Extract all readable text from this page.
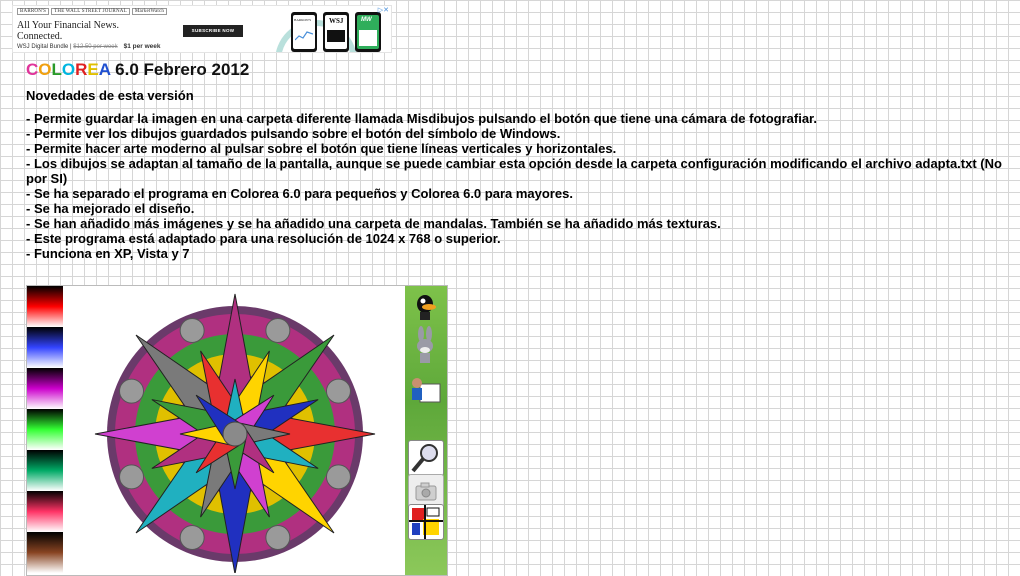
BARRON'S THE WALL STREET JOURNAL MarketWatch
All Your Financial News. Connected.
WSJ Digital Bundle | $12.50 per week $1 per week
SUBSCRIBE NOW
BARRON'S	WSJ	MW
▷✕
COLOREA 6.0 Febrero 2012
Novedades de esta versión
- Permite guardar la imagen en una carpeta diferente llamada Misdibujos pulsando el botón que tiene una cámara de fotografiar.
- Permite ver los dibujos guardados pulsando sobre el botón del símbolo de Windows.
- Permite hacer arte moderno al pulsar sobre el botón que tiene líneas verticales y horizontales.
- Los dibujos se adaptan al tamaño de la pantalla, aunque se puede cambiar esta opción desde la carpeta configuración modificando el archivo adapta.txt (No por SI)
- Se ha separado el programa en Colorea 6.0 para pequeños y Colorea 6.0 para mayores.
- Se ha mejorado el diseño.
- Se han añadido más imágenes y se ha añadido una carpeta de mandalas. También se ha añadido más texturas.
- Este programa está adaptado para una resolución de 1024 x 768 o superior.
- Funciona en XP, Vista y 7
